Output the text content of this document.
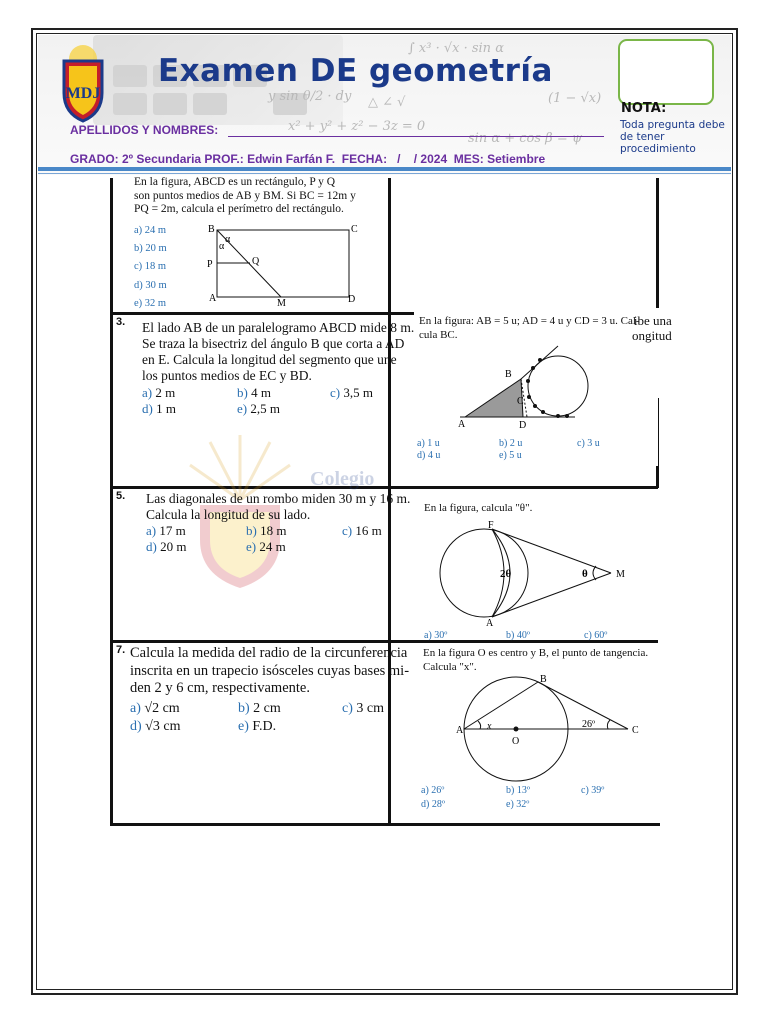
y sin θ/2 · dy △ ∠ √
x² + y² + z² − 3z = 0
sin α + cos β = ψ
∫ x³ · √x · sin α
(1 − √x)
MDJ
Examen DE geometría
NOTA:
Toda pregunta debe de tener procedimiento
APELLIDOS Y NOMBRES:
GRADO: 2º Secundaria PROF.: Edwin Farfán F.  FECHA:   /    / 2024  MES: Setiembre
Colegio
En la figura, ABCD es un rectángulo, P y Q
son puntos medios de AB y BM. Si BC = 12m y
PQ = 2m, calcula el perímetro del rectángulo.
a) 24 m
b) 20 m
c) 18 m
d) 30 m
e) 32 m
B	C
P	Q
A	M	D
α
α
3. El lado AB de un paralelogramo ABCD mide 8 m.
Se traza la bisectriz del ángulo B que corta a AD
en E. Calcula la longitud del segmento que une
los puntos medios de EC y BD.
a) 2 m	b) 4 m	c) 3,5 m
d) 1 m	e) 2,5 m
En la figura: AB = 5 u; AD = 4 u y CD = 3 u. Cal-
cula BC.
ibe una
ongitud
B
C
A	D
a) 1 u	b) 2 u	c) 3 u
d) 4 u	e) 5 u
5. Las diagonales de un rombo miden 30 m y 16 m.
Calcula la longitud de su lado.
a) 17 m	b) 18 m	c) 16 m
d) 20 m	e) 24 m
En la figura, calcula "θ".
F
A
M
2θ	θ
a) 30º	b) 40º	c) 60º
7. Calcula la medida del radio de la circunferencia
inscrita en un trapecio isósceles cuyas bases mi-
den 2 y 6 cm, respectivamente.
a) √2 cm	b) 2 cm	c) 3 cm
d) √3 cm	e) F.D.
En la figura O es centro y B, el punto de tangencia.
Calcula "x".
B
A	C
O
x	26º
a) 26º	b) 13º	c) 39º
d) 28º	e) 32º
